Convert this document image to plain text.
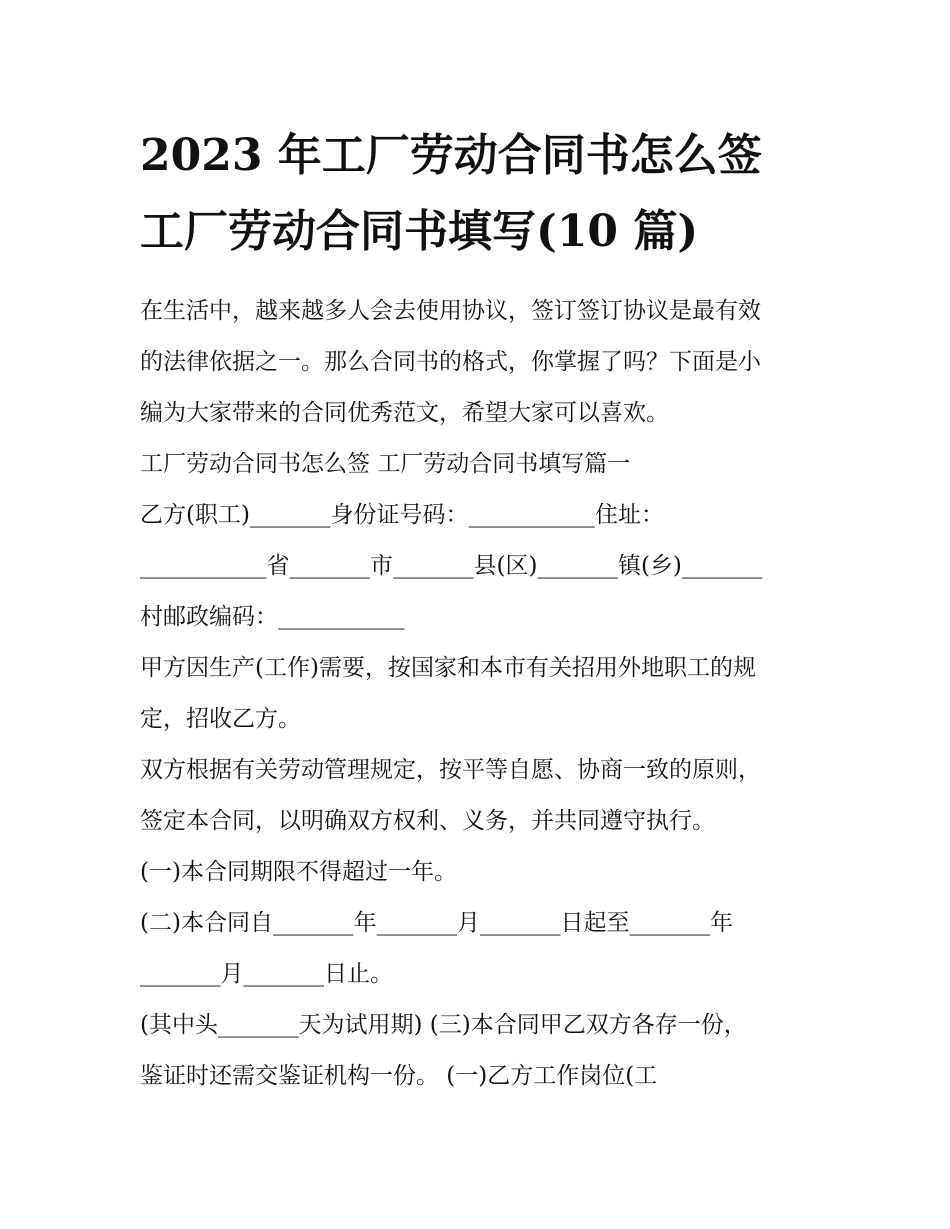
2023 年工厂劳动合同书怎么签
工厂劳动合同书填写(10 篇)

在生活中，越来越多人会去使用协议，签订签订协议是最有效

的法律依据之一。那么合同书的格式，你掌握了吗？下面是小

编为大家带来的合同优秀范文，希望大家可以喜欢。

工厂劳动合同书怎么签 工厂劳动合同书填写篇一

乙方(职工)_______身份证号码：___________住址：

___________省_______市_______县(区)_______镇(乡)_______

村邮政编码：___________

甲方因生产(工作)需要，按国家和本市有关招用外地职工的规

定，招收乙方。

双方根据有关劳动管理规定，按平等自愿、协商一致的原则，

签定本合同，以明确双方权利、义务，并共同遵守执行。

(一)本合同期限不得超过一年。

(二)本合同自_______年_______月_______日起至_______年

_______月_______日止。

(其中头_______天为试用期) (三)本合同甲乙双方各存一份，

鉴证时还需交鉴证机构一份。 (一)乙方工作岗位(工
